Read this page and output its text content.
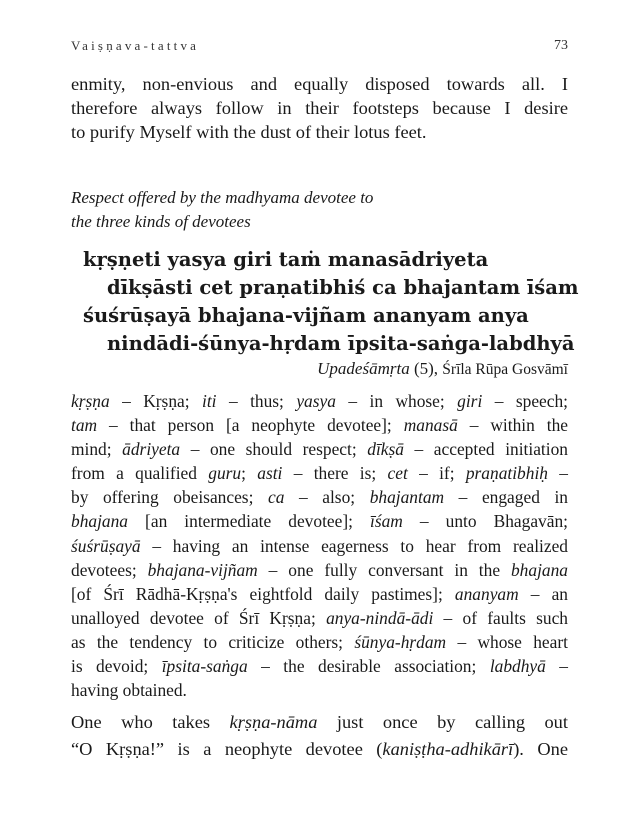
Vaiṣṇava-tattva	73
enmity, non-envious and equally disposed towards all. I
therefore always follow in their footsteps because I desire
to purify Myself with the dust of their lotus feet.
Respect offered by the madhyama devotee to
the three kinds of devotees
kṛṣṇeti yasya giri taṁ manasādriyeta
dīkṣāsti cet praṇatibhiś ca bhajantam īśam
śuśrūṣayā bhajana-vijñam ananyam anya
nindādi-śūnya-hṛdam īpsita-saṅga-labdhyā
Upadeśāmṛta (5), Śrīla Rūpa Gosvāmī
kṛṣṇa – Kṛṣṇa; iti – thus; yasya – in whose; giri – speech;
tam – that person [a neophyte devotee]; manasā – within the
mind; ādriyeta – one should respect; dīkṣā – accepted initiation
from a qualified guru; asti – there is; cet – if; praṇatibhiḥ –
by offering obeisances; ca – also; bhajantam – engaged in
bhajana [an intermediate devotee]; īśam – unto Bhagavān;
śuśrūṣayā – having an intense eagerness to hear from realized
devotees; bhajana-vijñam – one fully conversant in the bhajana
[of Śrī Rādhā-Kṛṣṇa's eightfold daily pastimes]; ananyam – an
unalloyed devotee of Śrī Kṛṣṇa; anya-nindā-ādi – of faults such
as the tendency to criticize others; śūnya-hṛdam – whose heart
is devoid; īpsita-saṅga – the desirable association; labdhyā –
having obtained.
One who takes kṛṣṇa-nāma just once by calling out
“O Kṛṣṇa!” is a neophyte devotee (kaniṣṭha-adhikārī). One
